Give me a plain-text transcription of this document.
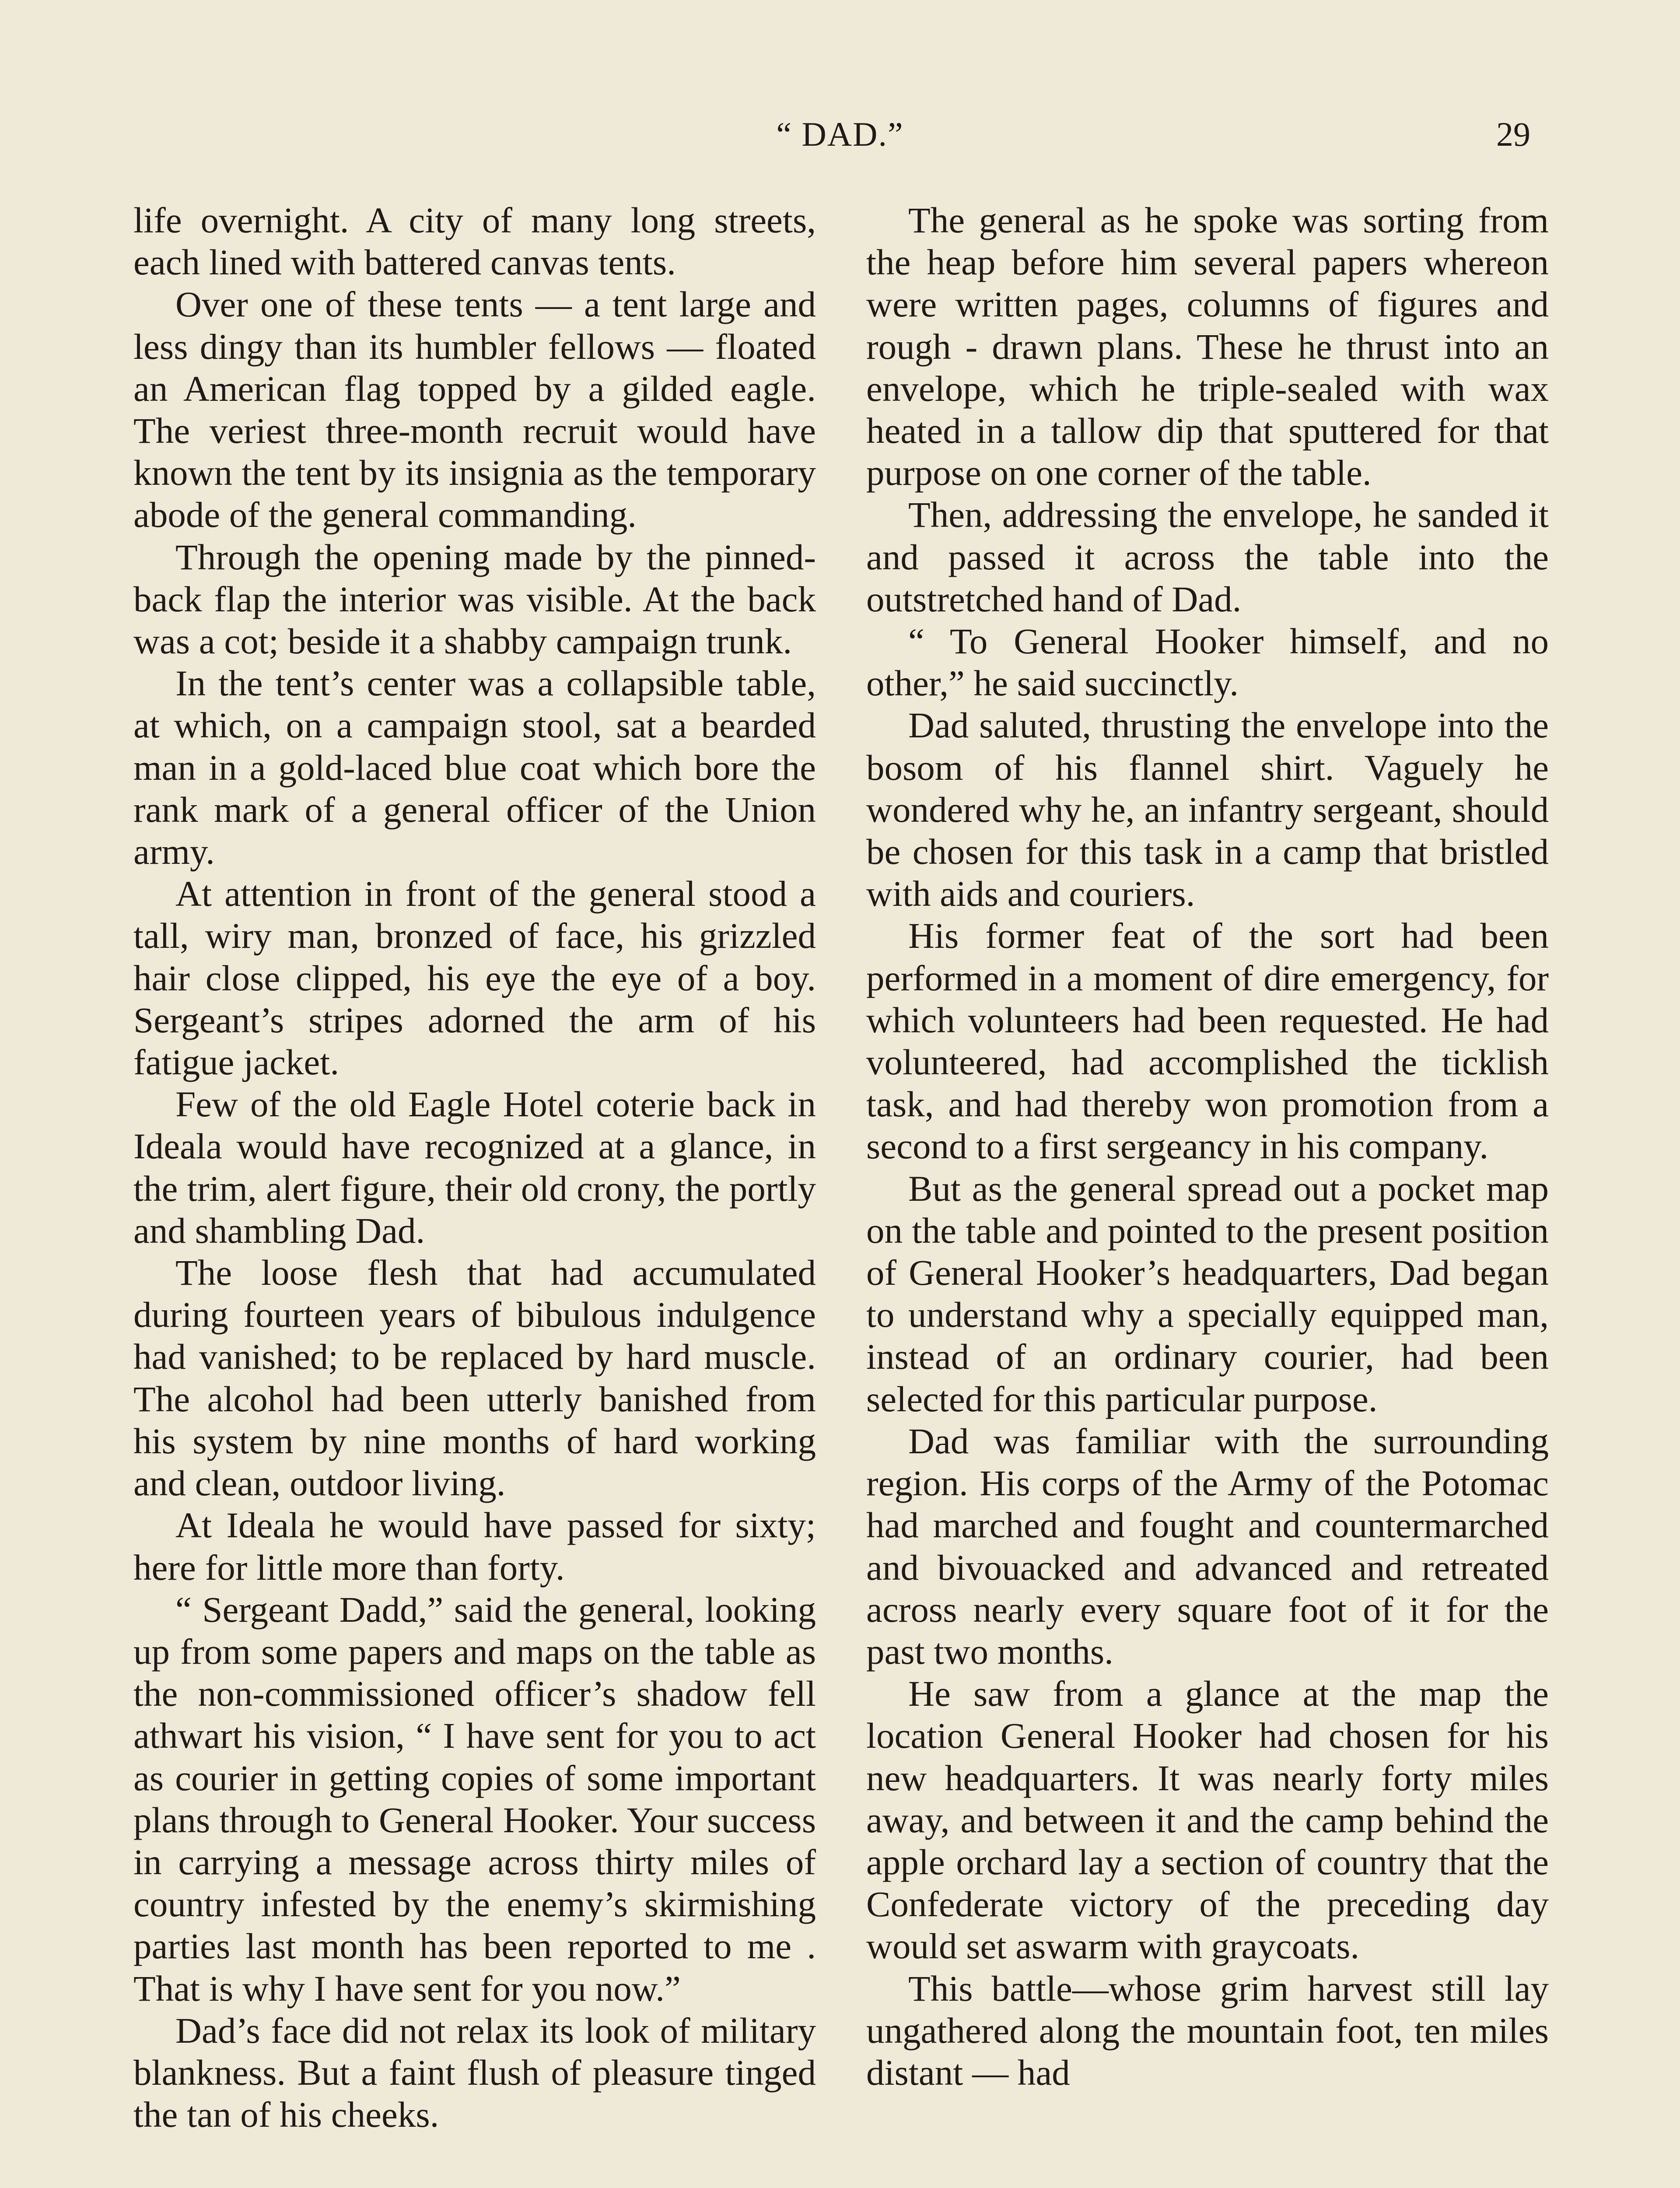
“ DAD.”	29

life overnight. A city of many long streets, each lined with battered canvas tents.

Over one of these tents — a tent large and less dingy than its humbler fellows — floated an American flag topped by a gilded eagle. The veriest three-month recruit would have known the tent by its insignia as the temporary abode of the general commanding.

Through the opening made by the pinned-back flap the interior was visible. At the back was a cot; beside it a shabby campaign trunk.

In the tent’s center was a collapsible table, at which, on a campaign stool, sat a bearded man in a gold-laced blue coat which bore the rank mark of a general officer of the Union army.

At attention in front of the general stood a tall, wiry man, bronzed of face, his grizzled hair close clipped, his eye the eye of a boy. Sergeant’s stripes adorned the arm of his fatigue jacket.

Few of the old Eagle Hotel coterie back in Ideala would have recognized at a glance, in the trim, alert figure, their old crony, the portly and shambling Dad.

The loose flesh that had accumulated during fourteen years of bibulous indulgence had vanished; to be replaced by hard muscle. The alcohol had been utterly banished from his system by nine months of hard working and clean, outdoor living.

At Ideala he would have passed for sixty; here for little more than forty.

“ Sergeant Dadd,” said the general, looking up from some papers and maps on the table as the non-commissioned officer’s shadow fell athwart his vision, “ I have sent for you to act as courier in getting copies of some important plans through to General Hooker. Your success in carrying a message across thirty miles of country infested by the enemy’s skirmishing parties last month has been reported to me . That is why I have sent for you now.”

Dad’s face did not relax its look of military blankness. But a faint flush of pleasure tinged the tan of his cheeks.

The general as he spoke was sorting from the heap before him several papers whereon were written pages, columns of figures and rough - drawn plans. These he thrust into an envelope, which he triple-sealed with wax heated in a tallow dip that sputtered for that purpose on one corner of the table.

Then, addressing the envelope, he sanded it and passed it across the table into the outstretched hand of Dad.

“ To General Hooker himself, and no other,” he said succinctly.

Dad saluted, thrusting the envelope into the bosom of his flannel shirt. Vaguely he wondered why he, an infantry sergeant, should be chosen for this task in a camp that bristled with aids and couriers.

His former feat of the sort had been performed in a moment of dire emergency, for which volunteers had been requested. He had volunteered, had accomplished the ticklish task, and had thereby won promotion from a second to a first sergeancy in his company.

But as the general spread out a pocket map on the table and pointed to the present position of General Hooker’s headquarters, Dad began to understand why a specially equipped man, instead of an ordinary courier, had been selected for this particular purpose.

Dad was familiar with the surrounding region. His corps of the Army of the Potomac had marched and fought and countermarched and bivouacked and advanced and retreated across nearly every square foot of it for the past two months.

He saw from a glance at the map the location General Hooker had chosen for his new headquarters. It was nearly forty miles away, and between it and the camp behind the apple orchard lay a section of country that the Confederate victory of the preceding day would set aswarm with graycoats.

This battle—whose grim harvest still lay ungathered along the mountain foot, ten miles distant — had
